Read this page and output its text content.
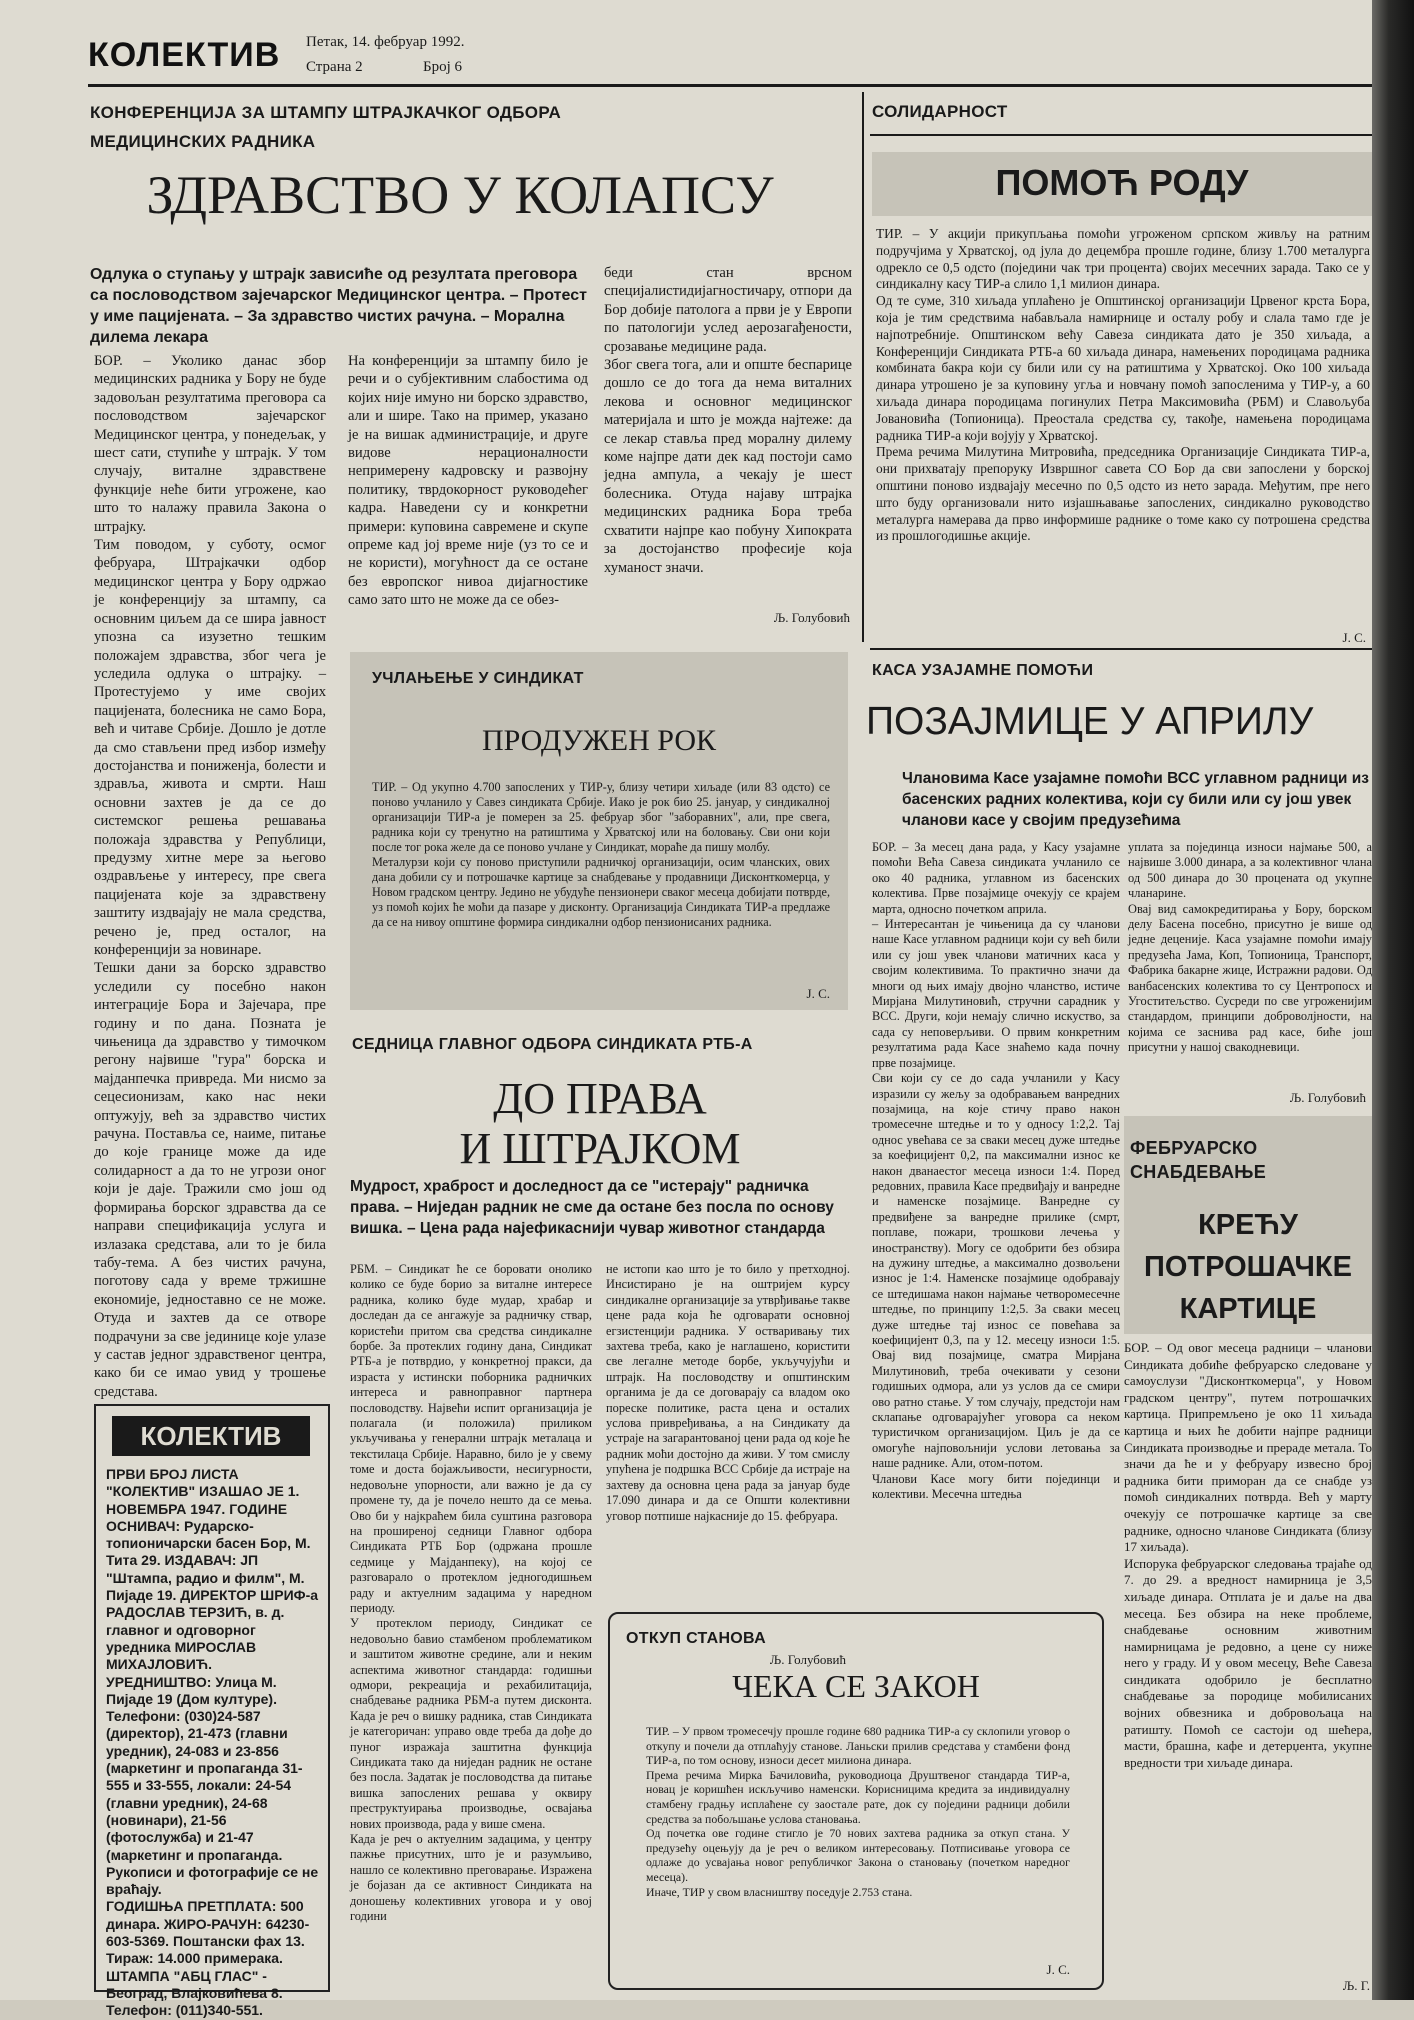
КОЛЕКТИВ	Петак, 14. фебруар 1992.
Страна 2	Број 6
КОНФЕРЕНЦИЈА ЗА ШТАМПУ ШТРАЈКАЧКОГ ОДБОРА МЕДИЦИНСКИХ РАДНИКА
ЗДРАВСТВО У КОЛАПСУ
Одлука о ступању у штрајк зависиће од резултата преговора са пословодством зајечарског Медицинског центра. – Протест у име пацијената. – За здравство чистих рачуна. – Морална дилема лекара
БОР. – Уколико данас збор медицинских радника у Бору не буде задовољан резултатима преговора са пословодством зајечарског Медицинског центра, у понедељак, у шест сати, ступиће у штрајк. У том случају, виталне здравствене функције неће бити угрожене, као што то налажу правила Закона о штрајку.
Тим поводом, у суботу, осмог фебруара, Штрајкачки одбор медицинског центра у Бору одржао је конференцију за штампу, са основним циљем да се шира јавност упозна са изузетно тешким положајем здравства, због чега је уследила одлука о штрајку. – Протестујемо у име својих пацијената, болесника не само Бора, већ и читаве Србије. Дошло је дотле да смо стављени пред избор између достојанства и пониженја, болести и здравља, живота и смрти. Наш основни захтев је да се до системског решења решавања положаја здравства у Републици, предузму хитне мере за његово оздрављење у интересу, пре свега пацијената које за здравствену заштиту издвајају не мала средства, речено је, пред осталог, на конференцији за новинаре.
Тешки дани за борско здравство уследили су посебно након интеграције Бора и Зајечара, пре годину и по дана. Позната је чињеница да здравство у тимочком регону највише "гура" борска и мајданпечка привреда. Ми нисмо за сецесионизам, како нас неки оптужују, већ за здравство чистих рачуна. Поставља се, наиме, питање до које границе може да иде солидарност а да то не угрози оног који је даје. Тражили смо још од формирања борског здравства да се направи спецификација услуга и излазака средстава, али то је била табу-тема. А без чистих рачуна, поготову сада у време тржишне економије, једноставно се не може. Отуда и захтев да се отворе подрачуни за све јединице које улазе у састав једног здравственог центра, како би се имао увид у трошење средстава.
На конференцији за штампу било је речи и о субјективним слабостима од којих није имуно ни борско здравство, али и шире. Тако на пример, указано је на вишак администрације, и друге видове нерационалности непримерену кадровску и развојну политику, тврдокорност руководећег кадра. Наведени су и конкретни примери: куповина савремене и скупе опреме кад јој време није (уз то се и не користи), могућност да се остане без европског нивоа дијагностике само зато што не може да се обез-
беди стан врсном специјалистидијагностичару, отпори да Бор добије патолога а први је у Европи по патологији услед аерозагађености, срозавање медицине рада.
Због свега тога, али и опште беспарице дошло се до тога да нема виталних лекова и основног медицинског материјала и што је можда најтеже: да се лекар ставља пред моралну дилему коме најпре дати дек кад постоји само једна ампула, а чекају је шест болесника. Отуда најаву штрајка медицинских радника Бора треба схватити најпре као побуну Хипократа за достојанство професије која хуманост значи.
Љ. Голубовић
УЧЛАЊЕЊЕ У СИНДИКАТ
ПРОДУЖЕН РОК
ТИР. – Од укупно 4.700 запослених у ТИР-у, близу четири хиљаде (или 83 одсто) се поново учланило у Савез синдиката Србије. Иако је рок био 25. јануар, у синдикалној организацији ТИР-а је померен за 25. фебруар због "заборавних", али, пре свега, радника који су тренутно на ратиштима у Хрватској или на боловању. Сви они који после тог рока желе да се поново учлане у Синдикат, мораће да пишу молбу.
Металурзи који су поново приступили радничкој организацији, осим чланских, ових дана добили су и потрошачке картице за снабдевање у продавници Дисконткомерца, у Новом градском центру. Једино не убудуће пензионери сваког месеца добијати потврде, уз помоћ којих ће моћи да пазаре у дисконту. Организација Синдиката ТИР-а предлаже да се на нивоу општине формира синдикални одбор пензионисаних радника.
J. С.
СЕДНИЦА ГЛАВНОГ ОДБОРА СИНДИКАТА РТБ-А
ДО ПРАВА
И ШТРАЈКОМ
Мудрост, храброст и доследност да се "истерају" радничка права. – Ниједан радник не сме да остане без посла по основу вишка. – Цена рада најефикаснији чувар животног стандарда
РБМ. – Синдикат ће се боровати онолико колико се буде борио за виталне интересе радника, колико буде мудар, храбар и доследан да се ангажује за радничку ствар, користећи притом сва средства синдикалне борбе. За протеклих годину дана, Синдикат РТБ-а је потврдио, у конкретној пракси, да израста у истински поборника радничких интереса и равноправног партнера пословодству. Највећи испит организација је полагала (и положила) приликом укључивања у генерални штрајк металаца и текстилаца Србије. Наравно, било је у свему томе и доста бојажљивости, несигурности, недовољне упорности, али важно је да су промене ту, да је почело нешто да се мења. Ово би у најкраћем била суштина разговора на проширеној седници Главног одбора Синдиката РТБ Бор (одржана прошле седмице у Мајданпеку), на којој се разговарало о протеклом једногодишњем раду и актуелним задацима у наредном периоду.
У протеклом периоду, Синдикат се недовољно бавио стамбеном проблематиком и заштитом животне средине, али и неким аспектима животног стандарда: годишњи одмори, рекреација и рехабилитација, снабдевање радника РБМ-а путем дисконта. Када је реч о вишку радника, став Синдиката је категоричан: управо овде треба да дође до пуног изражаја заштитна функција Синдиката тако да ниједан радник не остане без посла. Задатак је пословодства да питање вишка запослених решава у оквиру преструктуирања производње, освајања нових производа, рада у више смена.
Када је реч о актуелним задацима, у центру пажње присутних, што је и разумљиво, нашло се колективно преговарање. Изражена је бојазан да се активност Синдиката на доношењу колективних уговора и у овој години
не истопи као што је то било у претходној. Инсистирано је на оштријем курсу синдикалне организације за утврђивање такве цене рада која ће одговарати основној егзистенцији радника. У остваривању тих захтева треба, како је наглашено, користити све легалне методе борбе, укључујући и штрајк. На пословодству и општинским органима је да се договарају са владом око пореске политике, раста цена и осталих услова привређивања, а на Синдикату да устраје на загарантованој цени рада од које ће радник моћи достојно да живи. У том смислу упућена је подршка ВСС Србије да истраје на захтеву да основна цена рада за јануар буде 17.090 динара и да се Општи колективни уговор потпише најкасније до 15. фебруара.
Љ. Голубовић
КОЛЕКТИВ
ПРВИ БРОЈ ЛИСТА "КОЛЕКТИВ" ИЗАШАО ЈЕ 1. НОВЕМБРА 1947. ГОДИНЕ
ОСНИВАЧ: Рударско-топионичарски басен Бор, М. Тита 29. ИЗДАВАЧ: ЈП "Штампа, радио и филм", М. Пијаде 19. ДИРЕКТОР ШРИФ-а РАДОСЛАВ ТЕРЗИЋ, в. д. главног и одговорног уредника МИРОСЛАВ МИХАЈЛОВИЋ.
УРЕДНИШТВО: Улица М. Пијаде 19 (Дом културе). Телефони: (030)24-587 (директор), 21-473 (главни уредник), 24-083 и 23-856 (маркетинг и пропаганда 31-555 и 33-555, локали: 24-54 (главни уредник), 24-68 (новинари), 21-56 (фотослужба) и 21-47 (маркетинг и пропаганда. Рукописи и фотографије се не враћају.
ГОДИШЊА ПРЕТПЛАТА: 500 динара. ЖИРО-РАЧУН: 64230-603-5369. Поштански фах 13. Тираж: 14.000 примерака.
ШТАМПА "АБЦ ГЛАС" - Београд, Влајковићева 8. Телефон: (011)340-551.
СОЛИДАРНОСТ
ПОМОЋ РОДУ
ТИР. – У акцији прикупљања помоћи угроженом српском живљу на ратним подручјима у Хрватској, од јула до децембра прошле године, близу 1.700 металурга одрекло се 0,5 одсто (поједини чак три процента) својих месечних зарада. Тако се у синдикалну касу ТИР-а слило 1,1 милион динара.
Од те суме, 310 хиљада уплаћено је Општинској организацији Црвеног крста Бора, која је тим средствима набављала намирнице и осталу робу и слала тамо где је најпотребније. Општинском већу Савеза синдиката дато је 350 хиљада, а Конференцији Синдиката РТБ-а 60 хиљада динара, намењених породицама радника комбината бакра који су били или су на ратиштима у Хрватској. Око 100 хиљада динара утрошено је за куповину угља и новчану помоћ запосленима у ТИР-у, а 60 хиљада динара породицама погинулих Петра Максимовића (РБМ) и Славољуба Јовановића (Топионица). Преостала средства су, такође, намењена породицама радника ТИР-а који војују у Хрватској.
Према речима Милутина Митровића, председника Организације Синдиката ТИР-а, они прихватају препоруку Извршног савета СО Бор да сви запослени у борској општини поново издвајају месечно по 0,5 одсто из нето зарада. Међутим, пре него што буду организовали нито изјашњавање запослених, синдикално руководство металурга намерава да прво информише раднике о томе како су потрошена средства из прошлогодишње акције.
J. С.
КАСА УЗАЈАМНЕ ПОМОЋИ
ПОЗАЈМИЦЕ У АПРИЛУ
Члановима Касе узајамне помоћи ВСС углавном радници из басенских радних колектива, који су били или су још увек чланови касе у својим предузећима
БОР. – За месец дана рада, у Касу узајамне помоћи Већа Савеза синдиката учланило се око 40 радника, углавном из басенских колектива. Прве позајмице очекују се крајем марта, односно почетком априла.
– Интересантан је чињеница да су чланови наше Касе углавном радници који су већ били или су још увек чланови матичних каса у својим колективима. То практично значи да многи од њих имају двојно чланство, истиче Мирјана Милутиновић, стручни сарадник у ВСС. Други, који немају слично искуство, за сада су неповерљиви. О првим конкретним резултатима рада Касе знаћемо када почну прве позајмице.
Сви који су се до сада учланили у Касу изразили су жељу за одобравањем ванредних позајмица, на које стичу право након тромесечне штедње и то у односу 1:2,2. Тај однос увећава се за сваки месец дуже штедње за коефицијент 0,2, па максимални износ ке након дванаестог месеца износи 1:4. Поред редовних, правила Касе предвиђају и ванредне и наменске позајмице. Ванредне су предвиђене за ванредне прилике (смрт, поплаве, пожари, трошкови лечења у иностранству). Могу се одобрити без обзира на дужину штедње, а максимално дозвољени износ је 1:4. Наменске позајмице одобравају се штедишама након најмање четворомесечне штедње, по принципу 1:2,5. За сваки месец дуже штедње тај износ се повећава за коефицијент 0,3, па у 12. месецу износи 1:5. Овај вид позајмице, сматра Мирјана Милутиновић, треба очекивати у сезони годишњих одмора, али уз услов да се смири ово ратно стање. У том случају, предстоји нам склапање одговарајућег уговора са неком туристичком организацијом. Циљ је да се омогуће најповољнији услови летовања за наше раднике. Али, отом-потом.
Чланови Касе могу бити појединци и колективи. Месечна штедња
уплата за појединца износи најмање 500, а највише 3.000 динара, а за колективног члана од 500 динара до 30 процената од укупне чланарине.
Овај вид самокредитирања у Бору, борском делу Басена посебно, присутно је више од једне деценије. Каса узајамне помоћи имају предузећа Јама, Коп, Топионица, Транспорт, Фабрика бакарне жице, Истражни радови. Од ванбасенских колектива то су Центропосх и Угоститељство. Сусреди по све угроженијим стандардом, принципи доброволјности, на којима се заснива рад касе, биће још присутни у нашој свакодневици.
Љ. Голубовић
ФЕБРУАРСКО СНАБДЕВАЊЕ
КРЕЋУ
ПОТРОШАЧКЕ
КАРТИЦЕ
БОР. – Од овог месеца радници – чланови Синдиката добиће фебруарско следоване у самоуслузи "Дисконткомерца", у Новом градском центру", путем потрошачких картица. Припремљено је око 11 хиљада картица и њих ће добити најпре радници Синдиката производње и прераде метала. То значи да ће и у фебруару извесно број радника бити приморан да се снабде уз помоћ синдикалних потврда. Већ у марту очекују се потрошачке картице за све раднике, односно чланове Синдиката (близу 17 хиљада).
Испорука фебруарског следовања трајаће од 7. до 29. а вредност намирница је 3,5 хиљаде динара. Отплата је и даље на два месеца. Без обзира на неке проблеме, снабдевање основним животним намирницама је редовно, а цене су ниже него у граду. И у овом месецу, Веће Савеза синдиката одобрило је бесплатно снабдевање за породице мобилисаних војних обвезника и добровољаца на ратишту. Помоћ се састоји од шећера, масти, брашна, кафе и детерџента, укупне вредности три хиљаде динара.
Љ. Г.
ОТКУП СТАНОВА
ЧЕКА СЕ ЗАКОН
ТИР. – У првом тромесечју прошле године 680 радника ТИР-а су склопили уговор о откупу и почели да отплаћују станове. Ланьски прилив средстава у стамбени фонд ТИР-а, по том основу, износи десет милиона динара.
Према речима Мирка Бачиловића, руководиоца Друштвеног стандарда ТИР-а, новац је коришћен искључиво наменски. Корисницима кредита за индивидуалну стамбену градњу исплаћене су заостале рате, док су поједини радници добили средства за побољшање услова становања.
Од почетка ове године стигло је 70 нових захтева радника за откуп стана. У предузећу оцењују да је реч о великом интересовању. Потписивање уговора се одлаже до усвајања новог републичког Закона о становању (почетком наредног месеца).
Иначе, ТИР у свом власништву поседује 2.753 стана.
J. С.
